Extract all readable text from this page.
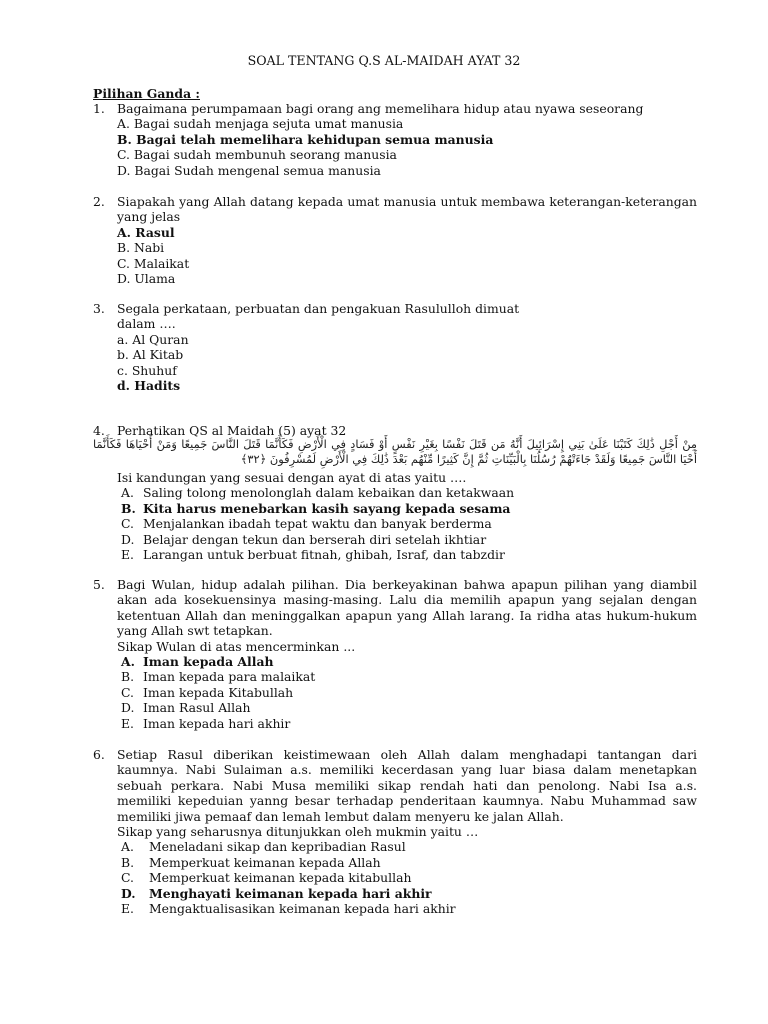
SOAL TENTANG Q.S AL-MAIDAH AYAT 32
Pilihan Ganda :
1. Bagaimana perumpamaan bagi orang ang memelihara hidup atau nyawa seseorang
A. Bagai sudah menjaga sejuta umat manusia
B. Bagai telah memelihara kehidupan semua manusia
C. Bagai sudah membunuh seorang manusia
D. Bagai Sudah mengenal semua manusia
2. Siapakah yang Allah datang kepada umat manusia untuk membawa keterangan-keterangan yang jelas
A. Rasul
B. Nabi
C. Malaikat
D. Ulama
3. Segala perkataan, perbuatan dan pengakuan Rasululloh dimuat
dalam ….
a. Al Quran
b. Al Kitab
c. Shuhuf
d. Hadits
4. Perhatikan QS al Maidah (5) ayat 32
مِنْ أَجْلِ ذَٰلِكَ كَتَبْنَا عَلَىٰ بَنِي إِسْرَائِيلَ أَنَّهُ مَن قَتَلَ نَفْسًا بِغَيْرِ نَفْسٍ أَوْ فَسَادٍ فِي الْأَرْضِ فَكَأَنَّمَا قَتَلَ النَّاسَ جَمِيعًا وَمَنْ أَحْيَاهَا فَكَأَنَّمَا أَحْيَا النَّاسَ جَمِيعًا وَلَقَدْ جَاءَتْهُمْ رُسُلُنَا بِالْبَيِّنَاتِ ثُمَّ إِنَّ كَثِيرًا مِّنْهُم بَعْدَ ذَٰلِكَ فِي الْأَرْضِ لَمُسْرِفُونَ ﴿٣٢﴾
Isi kandungan yang sesuai dengan ayat di atas yaitu ….
A. Saling tolong menolonglah dalam kebaikan dan ketakwaan
B. Kita harus menebarkan kasih sayang kepada sesama
C. Menjalankan ibadah tepat waktu dan banyak berderma
D. Belajar dengan tekun dan berserah diri setelah ikhtiar
E. Larangan untuk berbuat fitnah, ghibah, Israf, dan tabzdir
5. Bagi Wulan, hidup adalah pilihan. Dia berkeyakinan bahwa apapun pilihan yang diambil akan ada kosekuensinya masing-masing. Lalu dia memilih apapun yang sejalan dengan ketentuan Allah dan meninggalkan apapun yang Allah larang. Ia ridha atas hukum-hukum yang Allah swt tetapkan.
Sikap Wulan di atas mencerminkan ...
A. Iman kepada Allah
B. Iman kepada para malaikat
C. Iman kepada Kitabullah
D. Iman Rasul Allah
E. Iman kepada hari akhir
6. Setiap Rasul diberikan keistimewaan oleh Allah dalam menghadapi tantangan dari kaumnya. Nabi Sulaiman a.s. memiliki kecerdasan yang luar biasa dalam menetapkan sebuah perkara. Nabi Musa memiliki sikap rendah hati dan penolong. Nabi Isa a.s. memiliki kepeduian yanng besar terhadap penderitaan kaumnya. Nabu Muhammad saw memiliki jiwa pemaaf dan lemah lembut dalam menyeru ke jalan Allah.
Sikap yang seharusnya ditunjukkan oleh mukmin yaitu …
A.	Meneladani sikap dan kepribadian Rasul
B.	Memperkuat keimanan kepada Allah
C.	Memperkuat keimanan kepada kitabullah
D.	Menghayati keimanan kepada hari akhir
E.	Mengaktualisasikan keimanan kepada hari akhir
